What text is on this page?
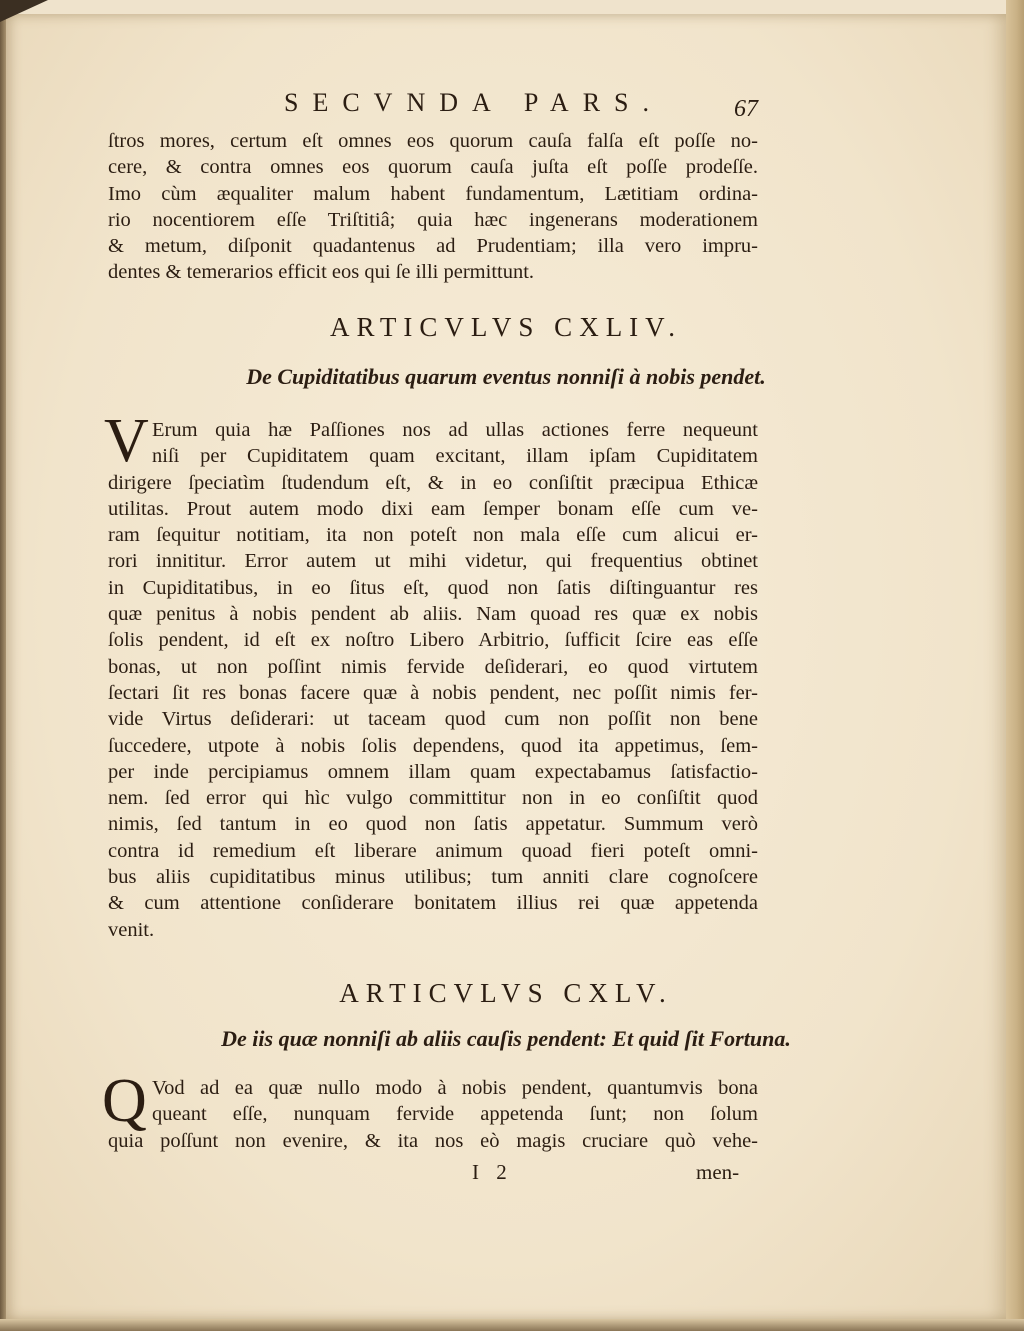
SECVNDA PARS.	67
ſtros mores, certum eſt omnes eos quorum cauſa falſa eſt poſſe no-
cere, & contra omnes eos quorum cauſa juſta eſt poſſe prodeſſe.
Imo cùm æqualiter malum habent fundamentum, Lætitiam ordina-
rio nocentiorem eſſe Triſtitiâ; quia hæc ingenerans moderationem
& metum, diſponit quadantenus ad Prudentiam; illa vero impru-
dentes & temerarios efficit eos qui ſe illi permittunt.
ARTICVLVS CXLIV.
De Cupiditatibus quarum eventus nonniſi à nobis pendet.
V Erum quia hæ Paſſiones nos ad ullas actiones ferre nequeunt
niſi per Cupiditatem quam excitant, illam ipſam Cupiditatem
dirigere ſpeciatìm ſtudendum eſt, & in eo conſiſtit præcipua Ethicæ
utilitas. Prout autem modo dixi eam ſemper bonam eſſe cum ve-
ram ſequitur notitiam, ita non poteſt non mala eſſe cum alicui er-
rori innititur. Error autem ut mihi videtur, qui frequentius obtinet
in Cupiditatibus, in eo ſitus eſt, quod non ſatis diſtinguantur res
quæ penitus à nobis pendent ab aliis. Nam quoad res quæ ex nobis
ſolis pendent, id eſt ex noſtro Libero Arbitrio, ſufficit ſcire eas eſſe
bonas, ut non poſſint nimis fervide deſiderari, eo quod virtutem
ſectari ſit res bonas facere quæ à nobis pendent, nec poſſit nimis fer-
vide Virtus deſiderari: ut taceam quod cum non poſſit non bene
ſuccedere, utpote à nobis ſolis dependens, quod ita appetimus, ſem-
per inde percipiamus omnem illam quam expectabamus ſatisfactio-
nem. ſed error qui hìc vulgo committitur non in eo conſiſtit quod
nimis, ſed tantum in eo quod non ſatis appetatur. Summum verò
contra id remedium eſt liberare animum quoad fieri poteſt omni-
bus aliis cupiditatibus minus utilibus; tum anniti clare cognoſcere
& cum attentione conſiderare bonitatem illius rei quæ appetenda
venit.
ARTICVLVS CXLV.
De iis quæ nonniſi ab aliis cauſis pendent: Et quid ſit Fortuna.
Q Vod ad ea quæ nullo modo à nobis pendent, quantumvis bona
queant eſſe, nunquam fervide appetenda ſunt; non ſolum
quia poſſunt non evenire, & ita nos eò magis cruciare quò vehe-
I 2	men-
